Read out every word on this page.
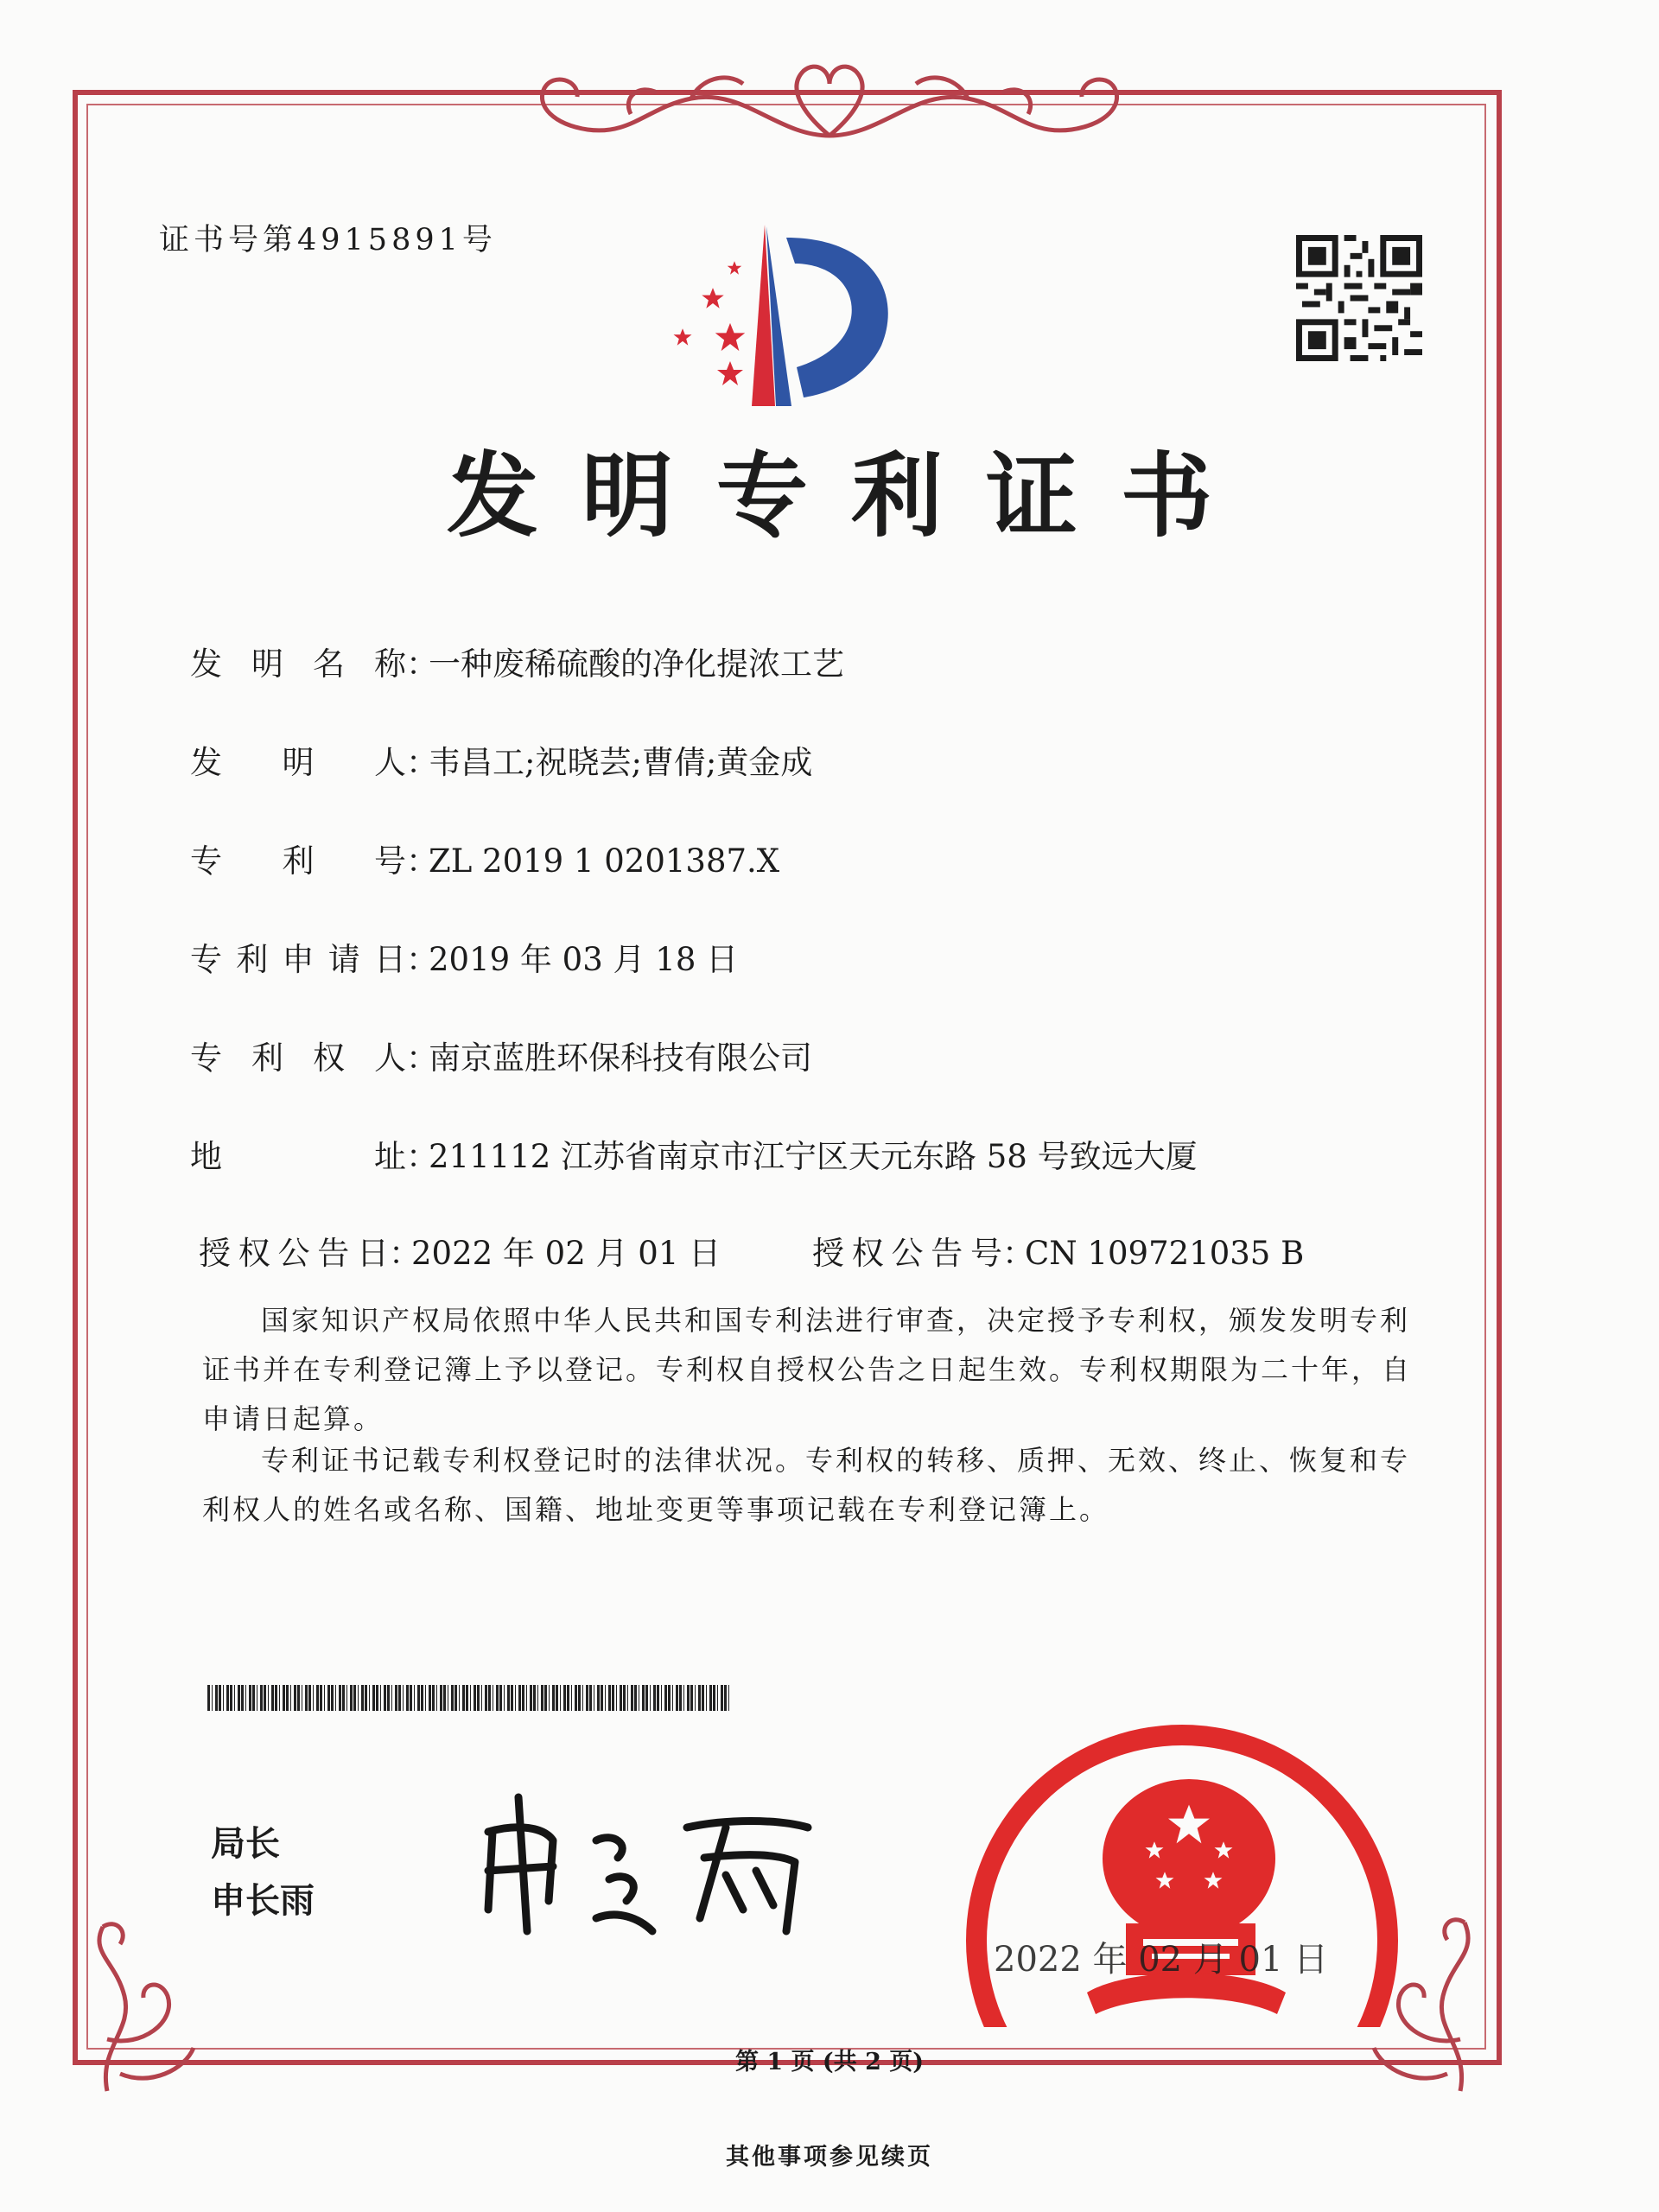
证书号第4915891号
发明专利证书
发明名称：一种废稀硫酸的净化提浓工艺
发明人：韦昌工;祝晓芸;曹倩;黄金成
专利号：ZL 2019 1 0201387.X
专利申请日：2019 年 03 月 18 日
专利权人：南京蓝胜环保科技有限公司
地址：211112 江苏省南京市江宁区天元东路 58 号致远大厦
授权公告日：2022 年 02 月 01 日	授权公告号：CN 109721035 B
国家知识产权局依照中华人民共和国专利法进行审查，决定授予专利权，颁发发明专利证书并在专利登记簿上予以登记。专利权自授权公告之日起生效。专利权期限为二十年，自申请日起算。
专利证书记载专利权登记时的法律状况。专利权的转移、质押、无效、终止、恢复和专利权人的姓名或名称、国籍、地址变更等事项记载在专利登记簿上。
局长
申长雨
2022 年 02 月 01 日
第 1 页 (共 2 页)
其他事项参见续页
